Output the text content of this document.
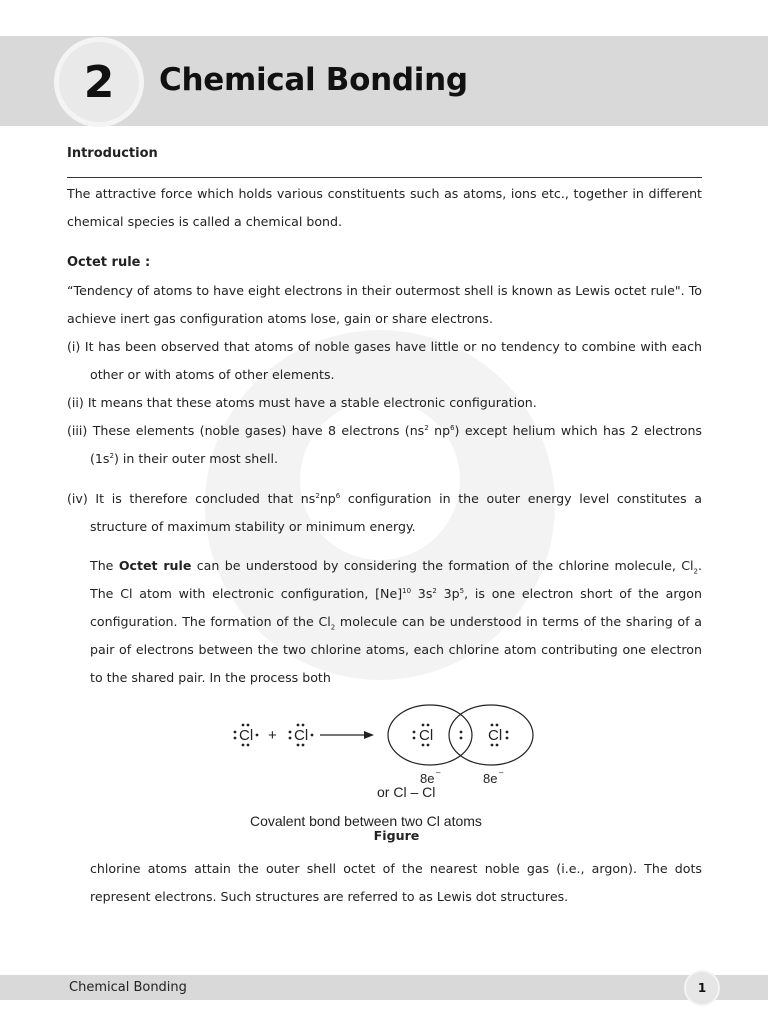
2 Chemical Bonding

Introduction

The attractive force which holds various constituents such as atoms, ions etc., together in different chemical species is called a chemical bond.

Octet rule :

“Tendency of atoms to have eight electrons in their outermost shell is known as Lewis octet rule". To achieve inert gas configuration atoms lose, gain or share electrons.

(i) It has been observed that atoms of noble gases have little or no tendency to combine with each other or with atoms of other elements.

(ii) It means that these atoms must have a stable electronic configuration.

(iii) These elements (noble gases) have 8 electrons ($ns^2$ $np^6$) except helium which has 2 electrons $(1s^2)$ in their outer most shell.

(iv) It is therefore concluded that $ns^2np^6$ configuration in the outer energy level constitutes a structure of maximum stability or minimum energy.

The Octet rule can be understood by considering the formation of the chlorine molecule, $Cl_2$. The Cl atom with electronic configuration, $[Ne]^{10}$ $3s^2$ $3p^5$, is one electron short of the argon configuration. The formation of the $Cl_2$ molecule can be understood in terms of the sharing of a pair of electrons between the two chlorine atoms, each chlorine atom contributing one electron to the shared pair. In the process both

Cl + Cl	Cl	Cl
8e –	8e –
or Cl – Cl
Covalent bond between two Cl atoms

Figure

chlorine atoms attain the outer shell octet of the nearest noble gas (i.e., argon). The dots represent electrons. Such structures are referred to as Lewis dot structures.

Chemical Bonding	1
